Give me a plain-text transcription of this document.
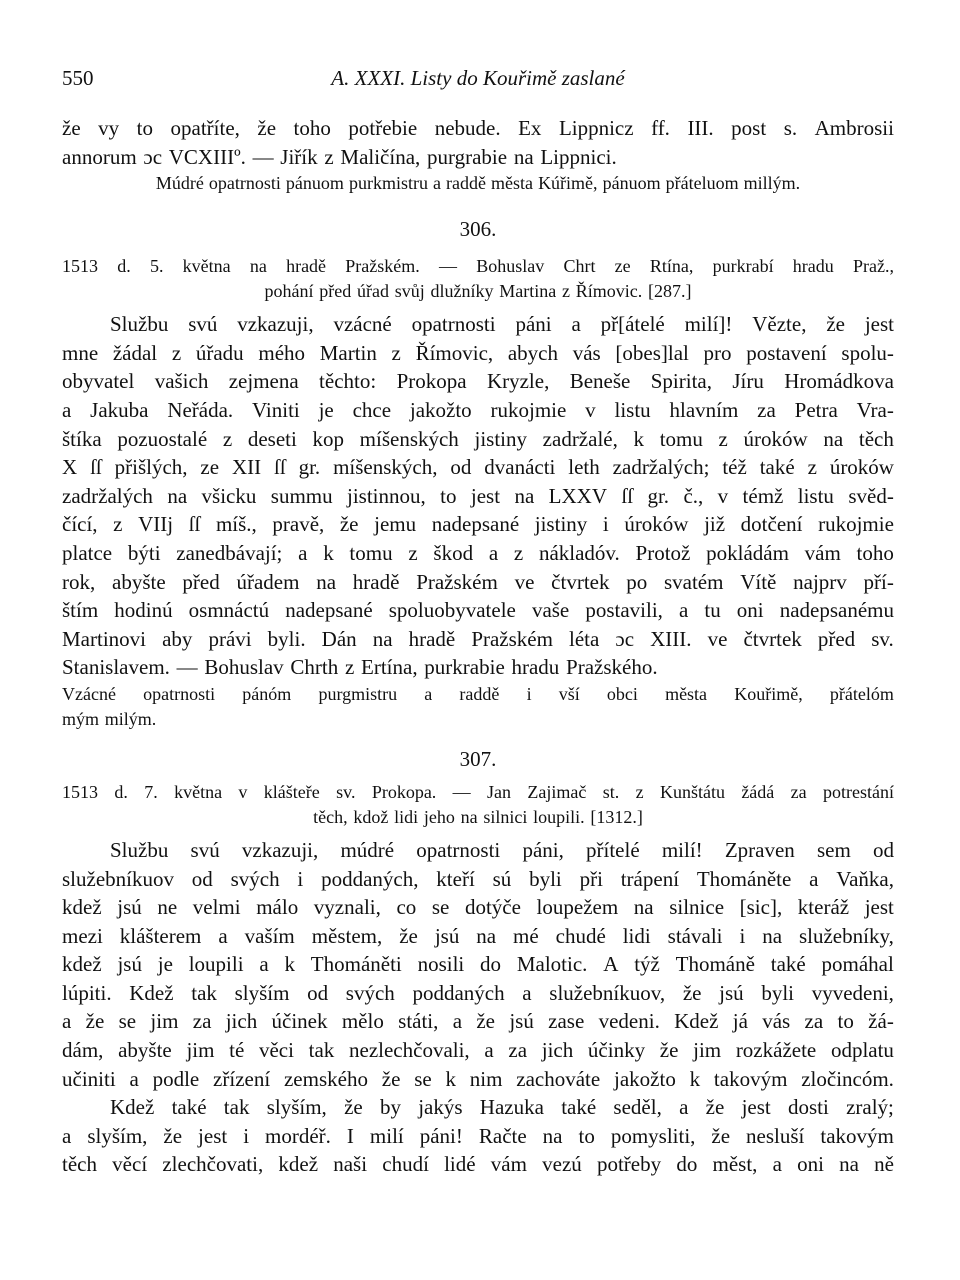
550	A. XXXI. Listy do Kouřimě zaslané
že vy to opatříte, že toho potřebie nebude. Ex Lippnicz ff. III. post s. Ambrosii
annorum ɔc VCXIIIº. — Jiřík z Maličína, purgrabie na Lippnici.
Múdré opatrnosti pánuom purkmistru a raddě města Kúřimě, pánuom přáteluom millým.
306.
1513 d. 5. května na hradě Pražském. — Bohuslav Chrt ze Rtína, purkrabí hradu Praž.,
pohání před úřad svůj dlužníky Martina z Římovic. [287.]
Službu svú vzkazuji, vzácné opatrnosti páni a př[átelé milí]! Vězte, že jest
mne žádal z úřadu mého Martin z Římovic, abych vás [obes]lal pro postavení spolu-
obyvatel vašich zejmena těchto: Prokopa Kryzle, Beneše Spirita, Jíru Hromádkova
a Jakuba Neřáda. Viniti je chce jakožto rukojmie v listu hlavním za Petra Vra-
štíka pozuostalé z deseti kop míšenských jistiny zadržalé, k tomu z úroków na těch
X ſſ přišlých, ze XII ſſ gr. míšenských, od dvanácti leth zadržalých; též také z úroków
zadržalých na všicku summu jistinnou, to jest na LXXV ſſ gr. č., v témž listu svěd-
čící, z VIIj ſſ míš., pravě, že jemu nadepsané jistiny i úroków již dotčení rukojmie
platce býti zanedbávají; a k tomu z škod a z nákladóv. Protož pokládám vám toho
rok, abyšte před úřadem na hradě Pražském ve čtvrtek po svatém Vítě najprv pří-
štím hodinú osmnáctú nadepsané spoluobyvatele vaše postavili, a tu oni nadepsanému
Martinovi aby právi byli. Dán na hradě Pražském léta ɔc XIII. ve čtvrtek před sv.
Stanislavem. — Bohuslav Chrth z Ertína, purkrabie hradu Pražského.
Vzácné opatrnosti pánóm purgmistru a raddě i vší obci města Kouřimě, přátelóm
mým milým.
307.
1513 d. 7. května v klášteře sv. Prokopa. — Jan Zajimač st. z Kunštátu žádá za potrestání
těch, kdož lidi jeho na silnici loupili. [1312.]
Službu svú vzkazuji, múdré opatrnosti páni, přítelé milí! Zpraven sem od
služebníkuov od svých i poddaných, kteří sú byli při trápení Thománěte a Vaňka,
kdež jsú ne velmi málo vyznali, co se dotýče loupežem na silnice [sic], kteráž jest
mezi klášterem a vaším městem, že jsú na mé chudé lidi stávali i na služebníky,
kdež jsú je loupili a k Thománěti nosili do Malotic. A týž Thománě také pomáhal
lúpiti. Kdež tak slyším od svých poddaných a služebníkuov, že jsú byli vyvedeni,
a že se jim za jich účinek mělo státi, a že jsú zase vedeni. Kdež já vás za to žá-
dám, abyšte jim té věci tak nezlechčovali, a za jich účinky že jim rozkážete odplatu
učiniti a podle zřízení zemského že se k nim zachováte jakožto k takovým zločincóm.
Kdež také tak slyším, že by jakýs Hazuka také seděl, a že jest dosti zralý;
a slyším, že jest i mordéř. I milí páni! Račte na to pomysliti, že nesluší takovým
těch věcí zlechčovati, kdež naši chudí lidé vám vezú potřeby do měst, a oni na ně
